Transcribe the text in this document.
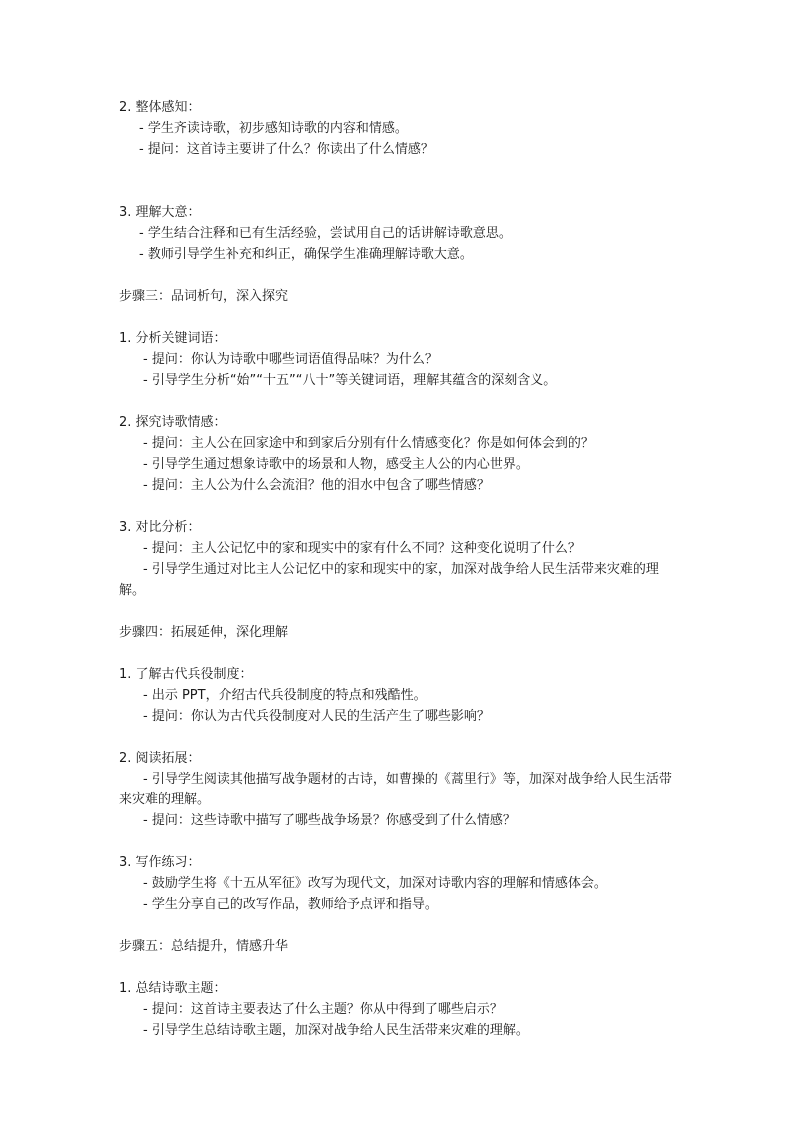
2. 整体感知：
- 学生齐读诗歌，初步感知诗歌的内容和情感。
- 提问：这首诗主要讲了什么？你读出了什么情感？
3. 理解大意：
- 学生结合注释和已有生活经验，尝试用自己的话讲解诗歌意思。
- 教师引导学生补充和纠正，确保学生准确理解诗歌大意。
步骤三：品词析句，深入探究
1. 分析关键词语：
- 提问：你认为诗歌中哪些词语值得品味？为什么？
- 引导学生分析“始”“十五”“八十”等关键词语，理解其蕴含的深刻含义。
2. 探究诗歌情感：
- 提问：主人公在回家途中和到家后分别有什么情感变化？你是如何体会到的？
- 引导学生通过想象诗歌中的场景和人物，感受主人公的内心世界。
- 提问：主人公为什么会流泪？他的泪水中包含了哪些情感？
3. 对比分析：
- 提问：主人公记忆中的家和现实中的家有什么不同？这种变化说明了什么？
- 引导学生通过对比主人公记忆中的家和现实中的家，加深对战争给人民生活带来灾难的理解。
步骤四：拓展延伸，深化理解
1. 了解古代兵役制度：
- 出示 PPT，介绍古代兵役制度的特点和残酷性。
- 提问：你认为古代兵役制度对人民的生活产生了哪些影响？
2. 阅读拓展：
- 引导学生阅读其他描写战争题材的古诗，如曹操的《蒿里行》等，加深对战争给人民生活带来灾难的理解。
- 提问：这些诗歌中描写了哪些战争场景？你感受到了什么情感？
3. 写作练习：
- 鼓励学生将《十五从军征》改写为现代文，加深对诗歌内容的理解和情感体会。
- 学生分享自己的改写作品，教师给予点评和指导。
步骤五：总结提升，情感升华
1. 总结诗歌主题：
- 提问：这首诗主要表达了什么主题？你从中得到了哪些启示？
- 引导学生总结诗歌主题，加深对战争给人民生活带来灾难的理解。
